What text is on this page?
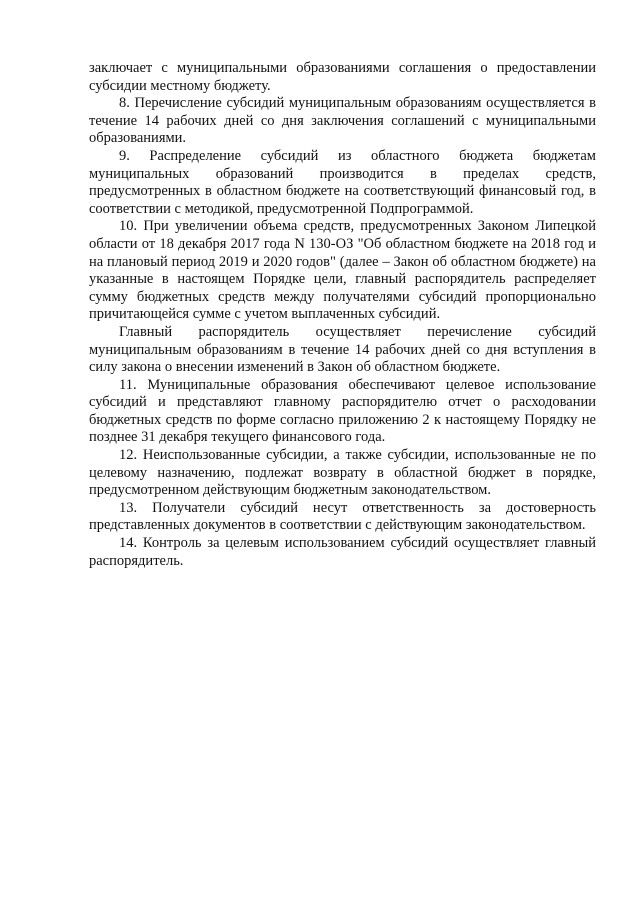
заключает с муниципальными образованиями соглашения о предоставлении субсидии местному бюджету.

8. Перечисление субсидий муниципальным образованиям осуществляется в течение 14 рабочих дней со дня заключения соглашений с муниципальными образованиями.

9. Распределение субсидий из областного бюджета бюджетам муниципальных образований производится в пределах средств, предусмотренных в областном бюджете на соответствующий финансовый год, в соответствии с методикой, предусмотренной Подпрограммой.

10. При увеличении объема средств, предусмотренных Законом Липецкой области от 18 декабря 2017 года N 130-ОЗ "Об областном бюджете на 2018 год и на плановый период 2019 и 2020 годов" (далее – Закон об областном бюджете) на указанные в настоящем Порядке цели, главный распорядитель распределяет сумму бюджетных средств между получателями субсидий пропорционально причитающейся сумме с учетом выплаченных субсидий.

Главный распорядитель осуществляет перечисление субсидий муниципальным образованиям в течение 14 рабочих дней со дня вступления в силу закона о внесении изменений в Закон об областном бюджете.

11. Муниципальные образования обеспечивают целевое использование субсидий и представляют главному распорядителю отчет о расходовании бюджетных средств по форме согласно приложению 2 к настоящему Порядку не позднее 31 декабря текущего финансового года.

12. Неиспользованные субсидии, а также субсидии, использованные не по целевому назначению, подлежат возврату в областной бюджет в порядке, предусмотренном действующим бюджетным законодательством.

13. Получатели субсидий несут ответственность за достоверность представленных документов в соответствии с действующим законодательством.

14. Контроль за целевым использованием субсидий осуществляет главный распорядитель.
